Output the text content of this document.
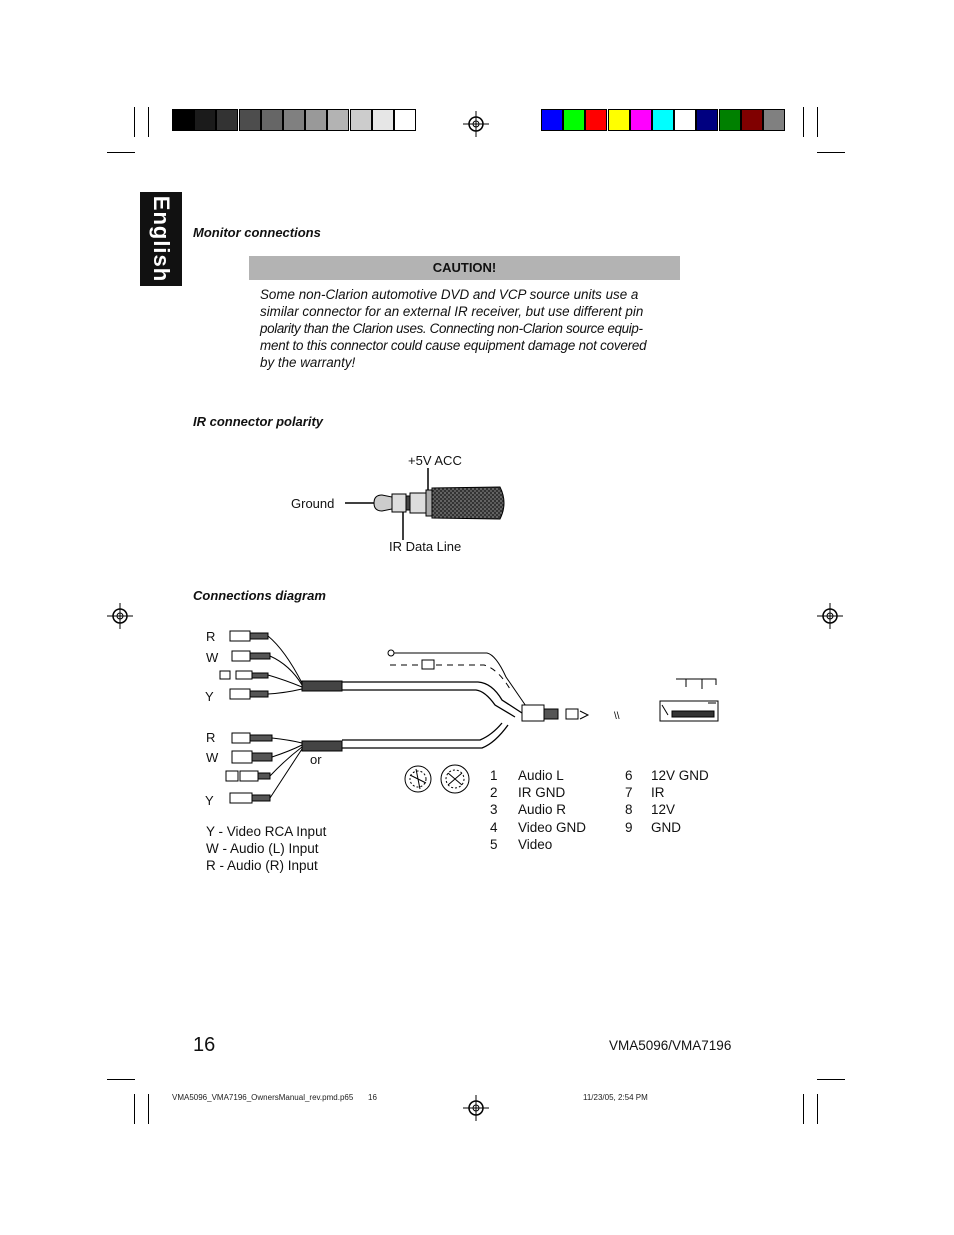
English Monitor connections
CAUTION!
Some non-Clarion automotive DVD and VCP source units use a
similar connector for an external IR receiver, but use different pin
polarity than the Clarion uses. Connecting non-Clarion source equip-
ment to this connector could cause equipment damage not covered
by the warranty!
IR connector polarity
+5V ACC
Ground
IR Data Line
Connections diagram
R
W
Y
R
W
Y
or
\\
Y - Video RCA Input
W - Audio (L) Input
R - Audio (R) Input
1 Audio L
2 IR GND
3 Audio R
4 Video GND
5 Video
6 12V GND
7 IR
8 12V
9 GND
16	VMA5096/VMA7196
VMA5096_VMA7196_OwnersManual_rev.pmd.p65 16	11/23/05, 2:54 PM
